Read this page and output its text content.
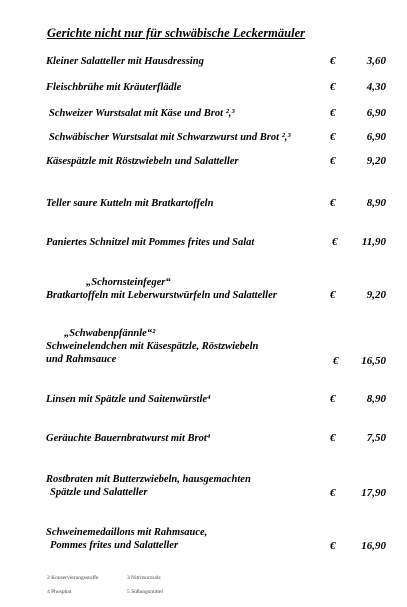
Gerichte nicht nur für schwäbische Leckermäuler
Kleiner Salatteller mit Hausdressing	€	3,60
Fleischbrühe mit Kräuterflädle	€	4,30
Schweizer Wurstsalat mit Käse und Brot ²,³	€	6,90
Schwäbischer Wurstsalat mit Schwarzwurst und Brot ²,³	€	6,90
Käsespätzle mit Röstzwiebeln und Salatteller	€	9,20
Teller saure Kutteln mit Bratkartoffeln	€	8,90
Paniertes Schnitzel mit Pommes frites und Salat	€ 11,90
„Schornsteinfeger“
Bratkartoffeln mit Leberwurstwürfeln und Salatteller	€	9,20
„Schwabenpfännle“²
Schweinelendchen mit Käsespätzle, Röstzwiebeln
und Rahmsauce	€ 16,50
Linsen mit Spätzle und Saitenwürstle⁴	€	8,90
Geräuchte Bauernbratwurst mit Brot⁴	€	7,50
Rostbraten mit Butterzwiebeln, hausgemachten
Spätzle und Salatteller	€ 17,90
Schweinemedaillons mit Rahmsauce,
Pommes frites und Salatteller	€ 16,90
2 Konservierungsstoffe	3 Nitritsurzsalz
4 Phosphat	5 Süßungsmittel
